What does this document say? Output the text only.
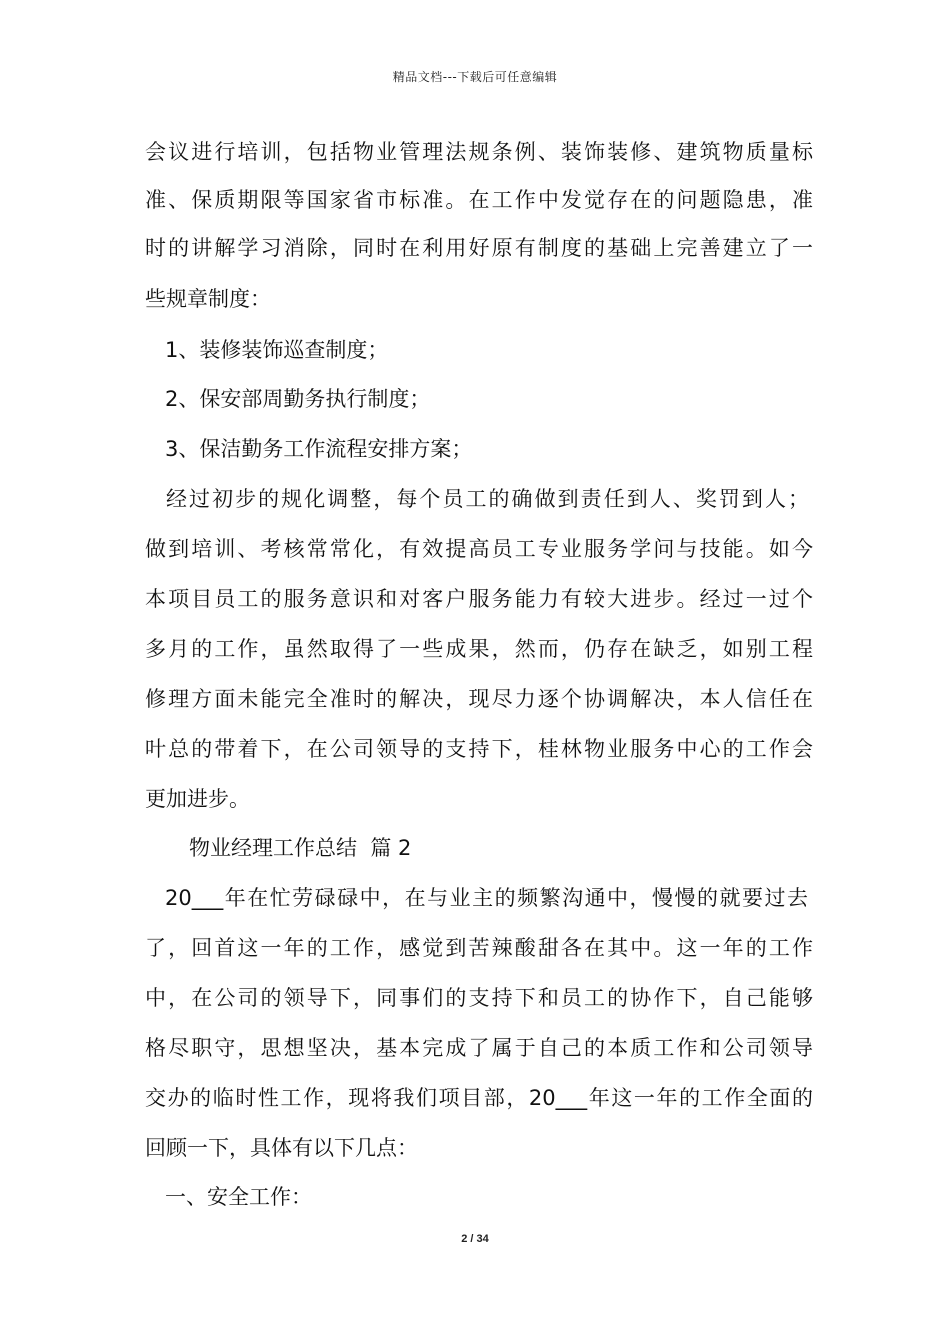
精品文档---下载后可任意编辑
会议进行培训，包括物业管理法规条例、装饰装修、建筑物质量标
准、保质期限等国家省市标准。在工作中发觉存在的问题隐患，准
时的讲解学习消除，同时在利用好原有制度的基础上完善建立了一
些规章制度：
1、装修装饰巡查制度；
2、保安部周勤务执行制度；
3、保洁勤务工作流程安排方案；
经过初步的规化调整，每个员工的确做到责任到人、奖罚到人；
做到培训、考核常常化，有效提高员工专业服务学问与技能。如今
本项目员工的服务意识和对客户服务能力有较大进步。经过一过个
多月的工作，虽然取得了一些成果，然而，仍存在缺乏，如别工程
修理方面未能完全准时的解决，现尽力逐个协调解决，本人信任在
叶总的带着下，在公司领导的支持下，桂林物业服务中心的工作会
更加进步。
物业经理工作总结  篇 2
20___年在忙劳碌碌中，在与业主的频繁沟通中，慢慢的就要过去
了，回首这一年的工作，感觉到苦辣酸甜各在其中。这一年的工作
中，在公司的领导下，同事们的支持下和员工的协作下，自己能够
格尽职守，思想坚决，基本完成了属于自己的本质工作和公司领导
交办的临时性工作，现将我们项目部，20___年这一年的工作全面的
回顾一下，具体有以下几点：
一、安全工作：
2 / 34
